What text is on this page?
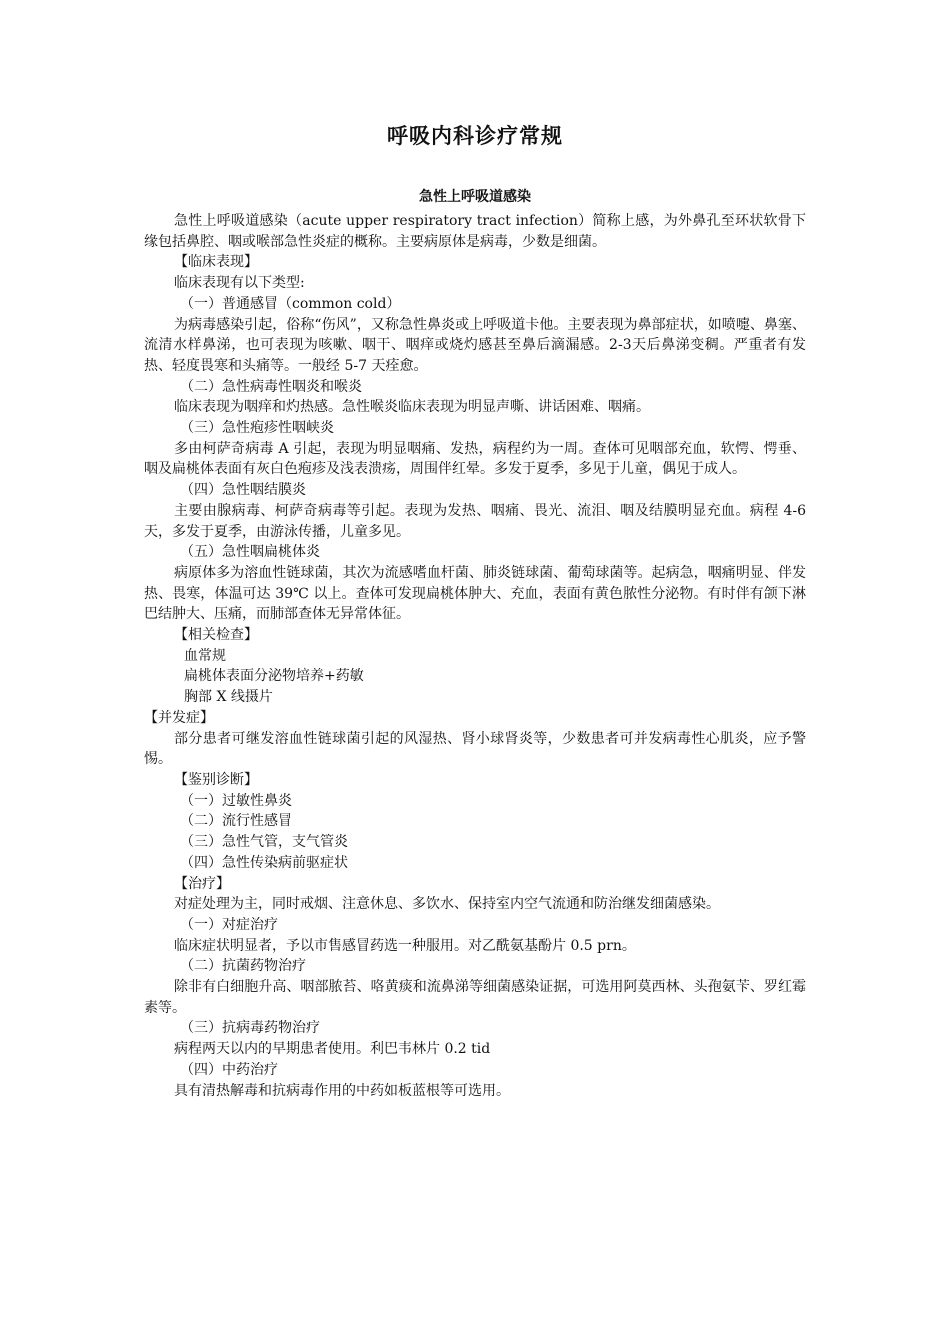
呼吸内科诊疗常规
急性上呼吸道感染

急性上呼吸道感染（acute upper respiratory tract infection）简称上感，为外鼻孔至环状软骨下缘包括鼻腔、咽或喉部急性炎症的概称。主要病原体是病毒，少数是细菌。

【临床表现】

临床表现有以下类型:

（一）普通感冒（common cold）

为病毒感染引起，俗称“伤风”，又称急性鼻炎或上呼吸道卡他。主要表现为鼻部症状，如喷嚏、鼻塞、流清水样鼻涕，也可表现为咳嗽、咽干、咽痒或烧灼感甚至鼻后滴漏感。2-3天后鼻涕变稠。严重者有发热、轻度畏寒和头痛等。一般经 5-7 天痊愈。

（二）急性病毒性咽炎和喉炎

临床表现为咽痒和灼热感。急性喉炎临床表现为明显声嘶、讲话困难、咽痛。

（三）急性疱疹性咽峡炎

多由柯萨奇病毒 A 引起，表现为明显咽痛、发热，病程约为一周。查体可见咽部充血，软愕、愕垂、咽及扁桃体表面有灰白色疱疹及浅表溃疡，周围伴红晕。多发于夏季，多见于儿童，偶见于成人。

（四）急性咽结膜炎

主要由腺病毒、柯萨奇病毒等引起。表现为发热、咽痛、畏光、流泪、咽及结膜明显充血。病程 4-6 天，多发于夏季，由游泳传播，儿童多见。

（五）急性咽扁桃体炎

病原体多为溶血性链球菌，其次为流感嗜血杆菌、肺炎链球菌、葡萄球菌等。起病急，咽痛明显、伴发热、畏寒，体温可达 39℃ 以上。查体可发现扁桃体肿大、充血，表面有黄色脓性分泌物。有时伴有颌下淋巴结肿大、压痛，而肺部查体无异常体征。

【相关检查】

血常规

扁桃体表面分泌物培养+药敏

胸部 X 线摄片

【并发症】

部分患者可继发溶血性链球菌引起的风湿热、肾小球肾炎等，少数患者可并发病毒性心肌炎，应予警惕。

【鉴别诊断】

（一）过敏性鼻炎

（二）流行性感冒

（三）急性气管，支气管炎

（四）急性传染病前驱症状

【治疗】

对症处理为主，同时戒烟、注意休息、多饮水、保持室内空气流通和防治继发细菌感染。

（一）对症治疗

临床症状明显者，予以市售感冒药选一种服用。对乙酰氨基酚片 0.5 prn。

（二）抗菌药物治疗

除非有白细胞升高、咽部脓苔、咯黄痰和流鼻涕等细菌感染证据，可选用阿莫西林、头孢氨苄、罗红霉素等。

（三）抗病毒药物治疗

病程两天以内的早期患者使用。利巴韦林片 0.2 tid

（四）中药治疗

具有清热解毒和抗病毒作用的中药如板蓝根等可选用。
